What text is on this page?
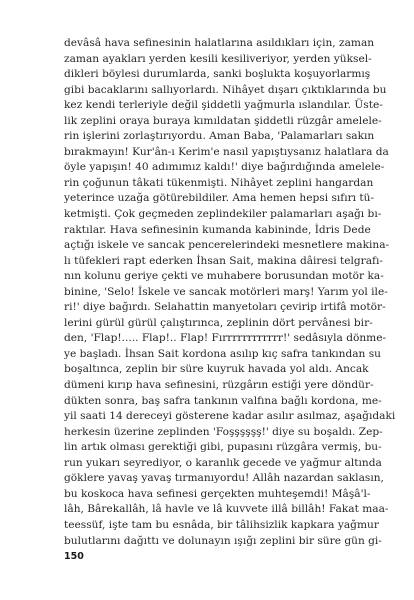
devâsâ hava sefinesinin halatlarına asıldıkları için, zaman
zaman ayakları yerden kesili kesiliveriyor, yerden yüksel-
dikleri böylesi durumlarda, sanki boşlukta koşuyorlarmış
gibi bacaklarını sallıyorlardı. Nihâyet dışarı çıktıklarında bu
kez kendi terleriyle değil şiddetli yağmurla ıslandılar. Üste-
lik zeplini oraya buraya kımıldatan şiddetli rüzgâr amelele-
rin işlerini zorlaştırıyordu. Aman Baba, 'Palamarları sakın
bırakmayın! Kur'ân-ı Kerim'e nasıl yapıştıysanız halatlara da
öyle yapışın! 40 adımımız kaldı!' diye bağırdığında amelele-
rin çoğunun tâkati tükenmişti. Nihâyet zeplini hangardan
yeterince uzağa götürebildiler. Ama hemen hepsi sıfırı tü-
ketmişti. Çok geçmeden zeplindekiler palamarları aşağı bı-
raktılar. Hava sefinesinin kumanda kabininde, İdris Dede
açtığı iskele ve sancak pencerelerindeki mesnetlere makina-
lı tüfekleri rapt ederken İhsan Sait, makina dâiresi telgrafı-
nın kolunu geriye çekti ve muhabere borusundan motör ka-
binine, 'Selo! İskele ve sancak motörleri marş! Yarım yol ile-
ri!' diye bağırdı. Selahattin manyetoları çevirip irtifâ motör-
lerini gürül gürül çalıştırınca, zeplinin dört pervânesi bir-
den, 'Flap!..... Flap!.. Flap! Fırrrrrrrrrrrr!' sedâsıyla dönme-
ye başladı. İhsan Sait kordona asılıp kıç safra tankından su
boşaltınca, zeplin bir süre kuyruk havada yol aldı. Ancak
dümeni kırıp hava sefinesini, rüzgârın estiği yere döndür-
dükten sonra, baş safra tankının valfına bağlı kordona, me-
yil saati 14 dereceyi gösterene kadar asılır asılmaz, aşağıdaki
herkesin üzerine zeplinden 'Foşşşşşş!' diye su boşaldı. Zep-
lin artık olması gerektiği gibi, pupasını rüzgâra vermiş, bu-
run yukarı seyrediyor, o karanlık gecede ve yağmur altında
göklere yavaş yavaş tırmanıyordu! Allâh nazardan saklasın,
bu koskoca hava sefinesi gerçekten muhteşemdi! Mâşâ'l-
lâh, Bârekallâh, lâ havle ve lâ kuvvete illâ billâh! Fakat maa-
teessüf, işte tam bu esnâda, bir tâlihsizlik kapkara yağmur
bulutlarını dağıttı ve dolunayın ışığı zeplini bir süre gün gi-
150
